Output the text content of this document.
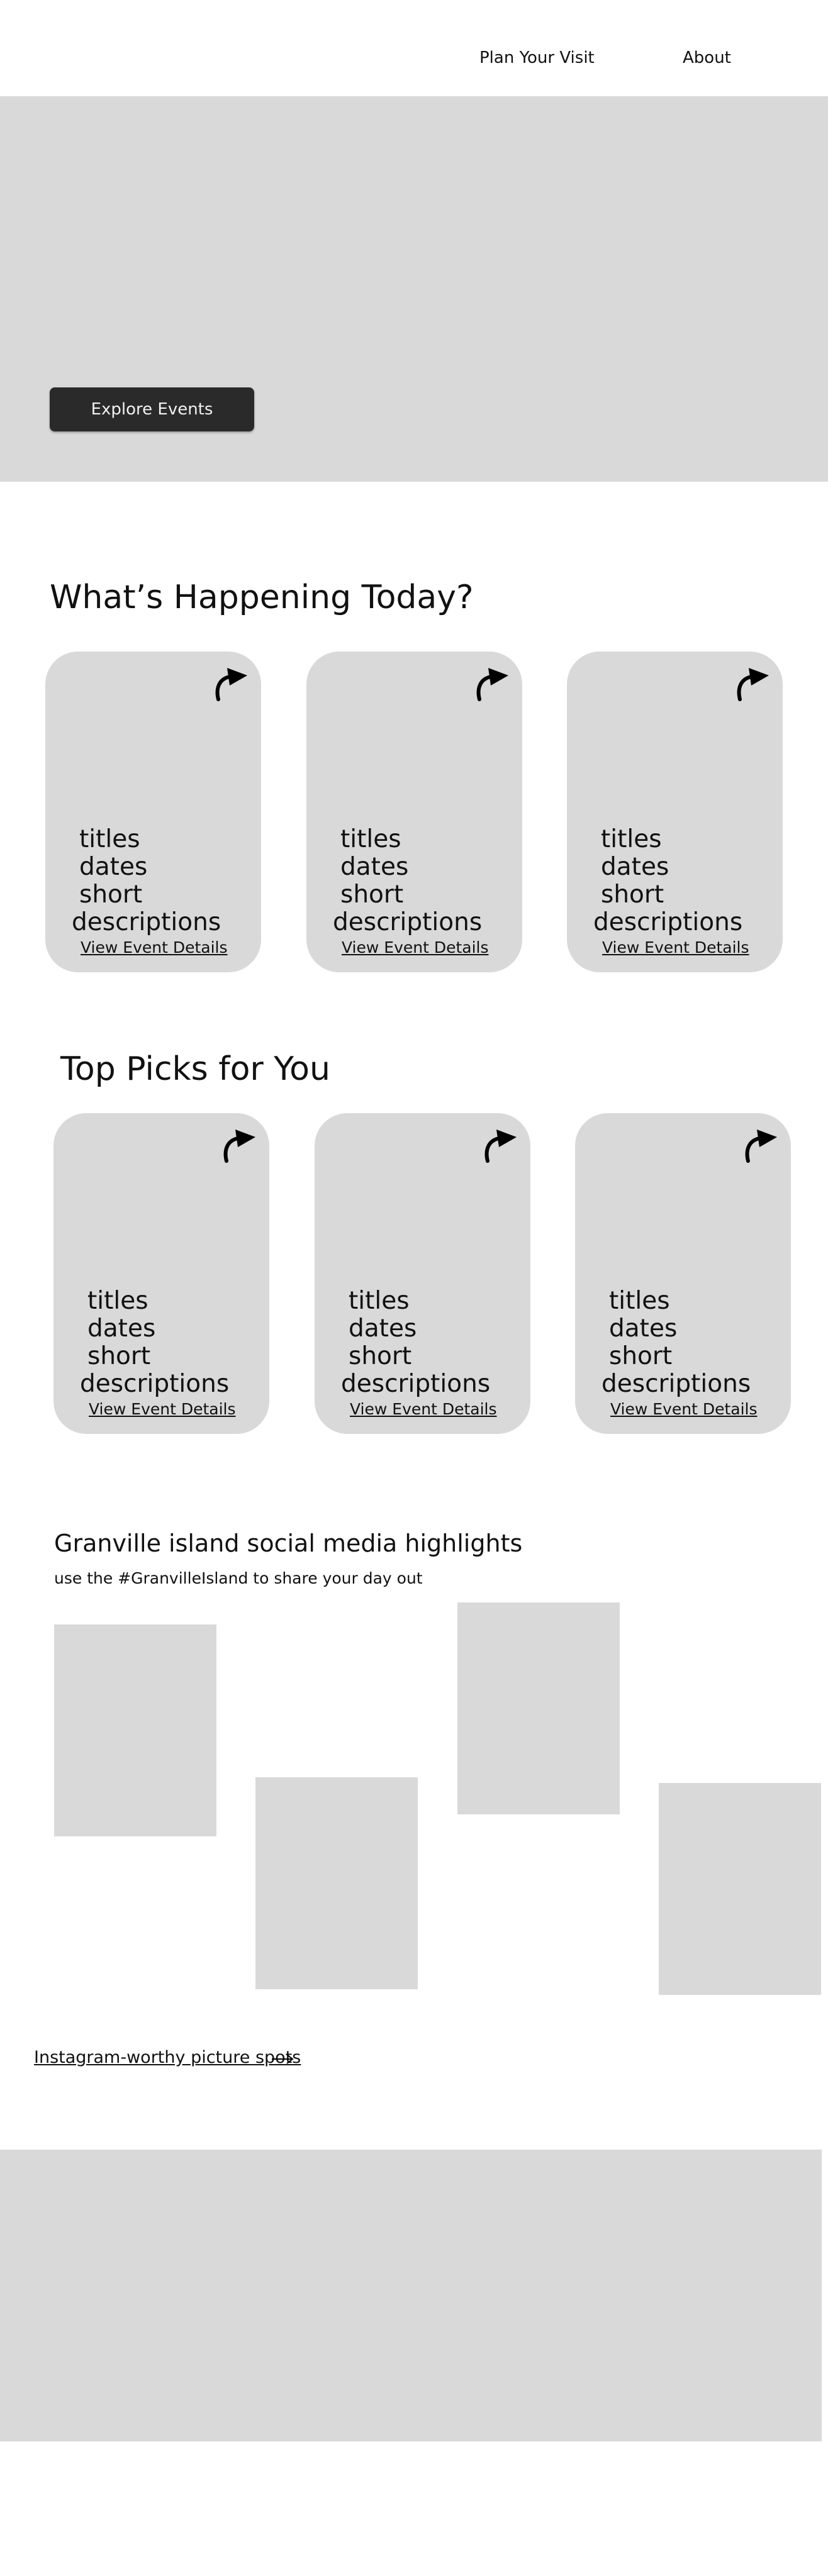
Plan Your Visit	About
Explore Events
What’s Happening Today?
titles
dates
short
descriptions
View Event Details
titles
dates
short
descriptions
View Event Details
titles
dates
short
descriptions
View Event Details
Top Picks for You
titles
dates
short
descriptions
View Event Details
titles
dates
short
descriptions
View Event Details
titles
dates
short
descriptions
View Event Details
Granville island social media highlights

use the #GranvilleIsland to share your day out

Instagram-worthy picture spots
